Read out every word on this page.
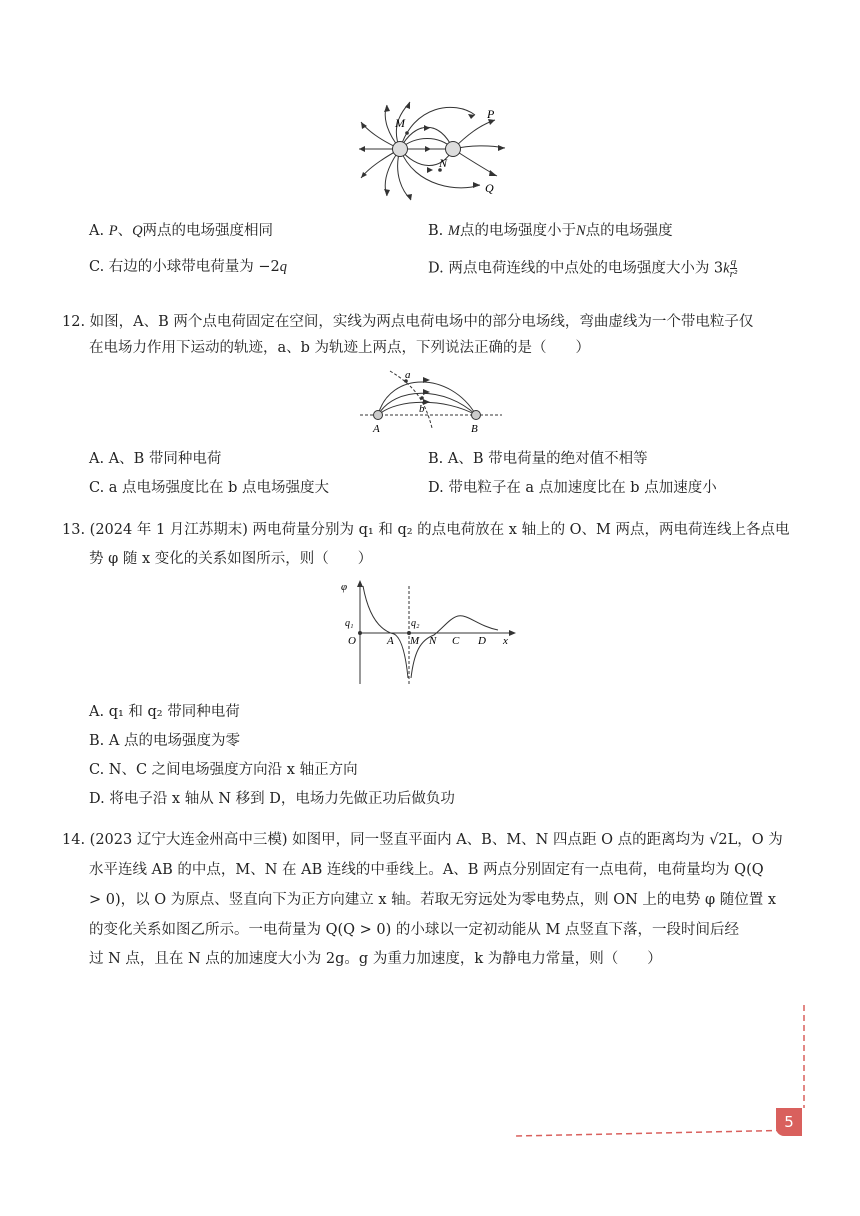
M
N
P
Q
A. P、Q两点的电场强度相同	B. M点的电场强度小于N点的电场强度
C. 右边的小球带电荷量为 −2q	D. 两点电荷连线的中点处的电场强度大小为 $3k \frac{q}{\text{r²}}$
12. 如图，A、B 两个点电荷固定在空间，实线为两点电荷电场中的部分电场线，弯曲虚线为一个带电粒子仅
在电场力作用下运动的轨迹，a、b 为轨迹上两点，下列说法正确的是（　　）
a
b
A	B
A. A、B 带同种电荷	B. A、B 带电荷量的绝对值不相等
C. a 点电场强度比在 b 点电场强度大	D. 带电粒子在 a 点加速度比在 b 点加速度小
13. (2024 年 1 月江苏期末) 两电荷量分别为 q₁ 和 q₂ 的点电荷放在 x 轴上的 O、M 两点，两电荷连线上各点电
势 φ 随 x 变化的关系如图所示，则（　　）
φ
q₁	q₂
O	A M N C D x
A. q₁ 和 q₂ 带同种电荷
B. A 点的电场强度为零
C. N、C 之间电场强度方向沿 x 轴正方向
D. 将电子沿 x 轴从 N 移到 D，电场力先做正功后做负功
14. (2023 辽宁大连金州高中三模) 如图甲，同一竖直平面内 A、B、M、N 四点距 O 点的距离均为 √2L，O 为
水平连线 AB 的中点，M、N 在 AB 连线的中垂线上。A、B 两点分别固定有一点电荷，电荷量均为 Q(Q
> 0)，以 O 为原点、竖直向下为正方向建立 x 轴。若取无穷远处为零电势点，则 ON 上的电势 φ 随位置 x
的变化关系如图乙所示。一电荷量为 Q(Q > 0) 的小球以一定初动能从 M 点竖直下落，一段时间后经
过 N 点，且在 N 点的加速度大小为 2g。g 为重力加速度，k 为静电力常量，则（　　）
5
